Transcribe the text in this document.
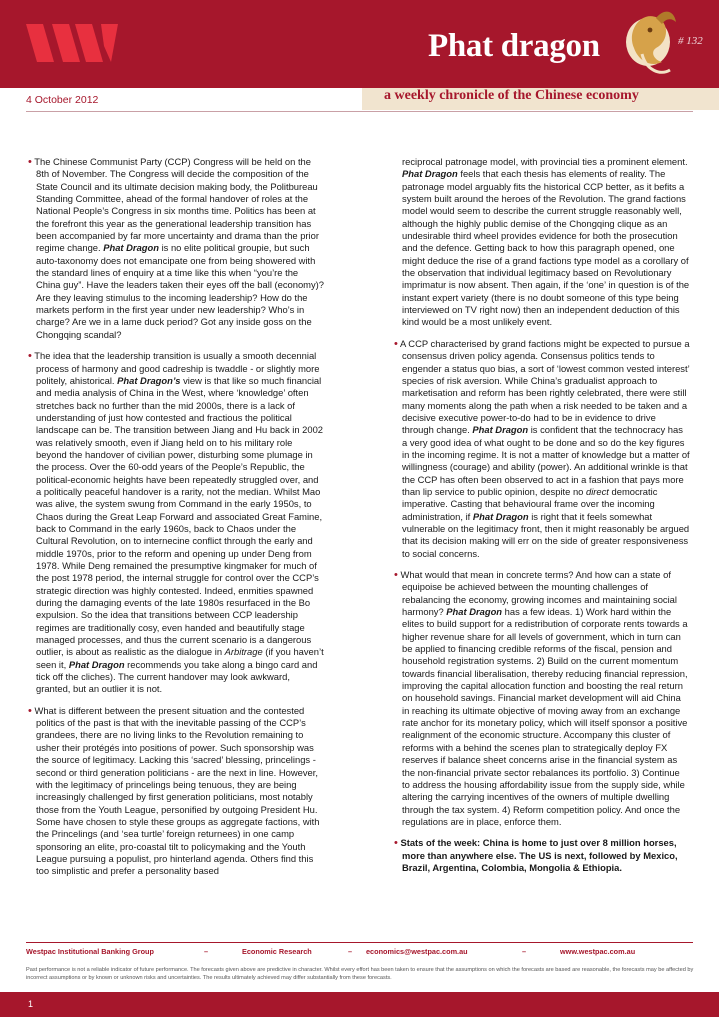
Phat dragon	# 132
4 October 2012	a weekly chronicle of the Chinese economy

• The Chinese Communist Party (CCP) Congress will be held on the 8th of November. The Congress will decide the composition of the State Council and its ultimate decision making body, the Politbureau Standing Committee, ahead of the formal handover of roles at the National People’s Congress in six months time. Politics has been at the forefront this year as the generational leadership transition has been accompanied by far more uncertainty and drama than the prior regime change. Phat Dragon is no elite political groupie, but such auto-taxonomy does not emancipate one from being showered with the standard lines of enquiry at a time like this when “you’re the China guy”. Have the leaders taken their eyes off the ball (economy)? Are they leaving stimulus to the incoming leadership? How do the markets perform in the first year under new leadership? Who’s in charge? Are we in a lame duck period? Got any inside goss on the Chongqing scandal?

• The idea that the leadership transition is usually a smooth decennial process of harmony and good cadreship is twaddle - or slightly more politely, ahistorical. Phat Dragon’s view is that like so much financial and media analysis of China in the West, where ‘knowledge’ often stretches back no further than the mid 2000s, there is a lack of understanding of just how contested and fractious the political landscape can be. The transition between Jiang and Hu back in 2002 was relatively smooth, even if Jiang held on to his military role beyond the handover of civilian power, disturbing some plumage in the process. Over the 60-odd years of the People’s Republic, the political-economic heights have been repeatedly struggled over, and a politically peaceful handover is a rarity, not the median. Whilst Mao was alive, the system swung from Command in the early 1950s, to Chaos during the Great Leap Forward and associated Great Famine, back to Command in the early 1960s, back to Chaos under the Cultural Revolution, on to internecine conflict through the early and middle 1970s, prior to the reform and opening up under Deng from 1978. While Deng remained the presumptive kingmaker for much of the post 1978 period, the internal struggle for control over the CCP’s strategic direction was highly contested. Indeed, enmities spawned during the damaging events of the late 1980s resurfaced in the Bo expulsion. So the idea that transitions between CCP leadership regimes are traditionally cosy, even handed and beautifully stage managed processes, and thus the current scenario is a dangerous outlier, is about as realistic as the dialogue in Arbitrage (if you haven’t seen it, Phat Dragon recommends you take along a bingo card and tick off the cliches). The current handover may look awkward, granted, but an outlier it is not.

• What is different between the present situation and the contested politics of the past is that with the inevitable passing of the CCP’s grandees, there are no living links to the Revolution remaining to usher their protégés into positions of power. Such sponsorship was the source of legitimacy. Lacking this ‘sacred’ blessing, princelings - second or third generation politicians - are the next in line. However, with the legitimacy of princelings being tenuous, they are being increasingly challenged by first generation politicians, most notably those from the Youth League, personified by outgoing President Hu. Some have chosen to style these groups as aggregate factions, with the Princelings (and ‘sea turtle’ foreign returnees) in one camp sponsoring an elite, pro-coastal tilt to policymaking and the Youth League pursuing a populist, pro hinterland agenda. Others find this too simplistic and prefer a personality based

reciprocal patronage model, with provincial ties a prominent element. Phat Dragon feels that each thesis has elements of reality. The patronage model arguably fits the historical CCP better, as it befits a system built around the heroes of the Revolution. The grand factions model would seem to describe the current struggle reasonably well, although the highly public demise of the Chongqing clique as an undesirable third wheel provides evidence for both the prosecution and the defence. Getting back to how this paragraph opened, one might deduce the rise of a grand factions type model as a corollary of the observation that individual legitimacy based on Revolutionary imprimatur is now absent. Then again, if the ‘one’ in question is of the instant expert variety (there is no doubt someone of this type being interviewed on TV right now) then an independent deduction of this kind would be a most unlikely event.

• A CCP characterised by grand factions might be expected to pursue a consensus driven policy agenda. Consensus politics tends to engender a status quo bias, a sort of ‘lowest common vested interest’ species of risk aversion. While China’s gradualist approach to marketisation and reform has been rightly celebrated, there were still many moments along the path when a risk needed to be taken and a decisive executive power-to-do had to be in evidence to drive through change. Phat Dragon is confident that the technocracy has a very good idea of what ought to be done and so do the key figures in the incoming regime. It is not a matter of knowledge but a matter of willingness (courage) and ability (power). An additional wrinkle is that the CCP has often been observed to act in a fashion that pays more than lip service to public opinion, despite no direct democratic imperative. Casting that behavioural frame over the incoming administration, if Phat Dragon is right that it feels somewhat vulnerable on the legitimacy front, then it might reasonably be argued that its decision making will err on the side of greater responsiveness to social concerns.

• What would that mean in concrete terms? And how can a state of equipoise be achieved between the mounting challenges of rebalancing the economy, growing incomes and maintaining social harmony? Phat Dragon has a few ideas. 1) Work hard within the elites to build support for a redistribution of corporate rents towards a higher revenue share for all levels of government, which in turn can be applied to financing credible reforms of the fiscal, pension and household registration systems. 2) Build on the current momentum towards financial liberalisation, thereby reducing financial repression, improving the capital allocation function and boosting the real return on household savings. Financial market development will aid China in reaching its ultimate objective of moving away from an exchange rate anchor for its monetary policy, which will itself sponsor a positive realignment of the economic structure. Accompany this cluster of reforms with a behind the scenes plan to strategically deploy FX reserves if balance sheet concerns arise in the financial system as the non-financial private sector rebalances its portfolio. 3) Continue to address the housing affordability issue from the supply side, while altering the carrying incentives of the owners of multiple dwelling through the tax system. 4) Reform competition policy. And once the regulations are in place, enforce them.

• Stats of the week: China is home to just over 8 million horses, more than anywhere else. The US is next, followed by Mexico, Brazil, Argentina, Colombia, Mongolia & Ethiopia.

Westpac Institutional Banking Group	–	Economic Research	– economics@westpac.com.au	–	www.westpac.com.au
Past performance is not a reliable indicator of future performance. The forecasts given above are predictive in character. Whilst every effort has been taken to ensure that the assumptions on which the forecasts are based are reasonable, the forecasts may be affected by incorrect assumptions or by known or unknown risks and uncertainties. The results ultimately achieved may differ substantially from these forecasts.
1
